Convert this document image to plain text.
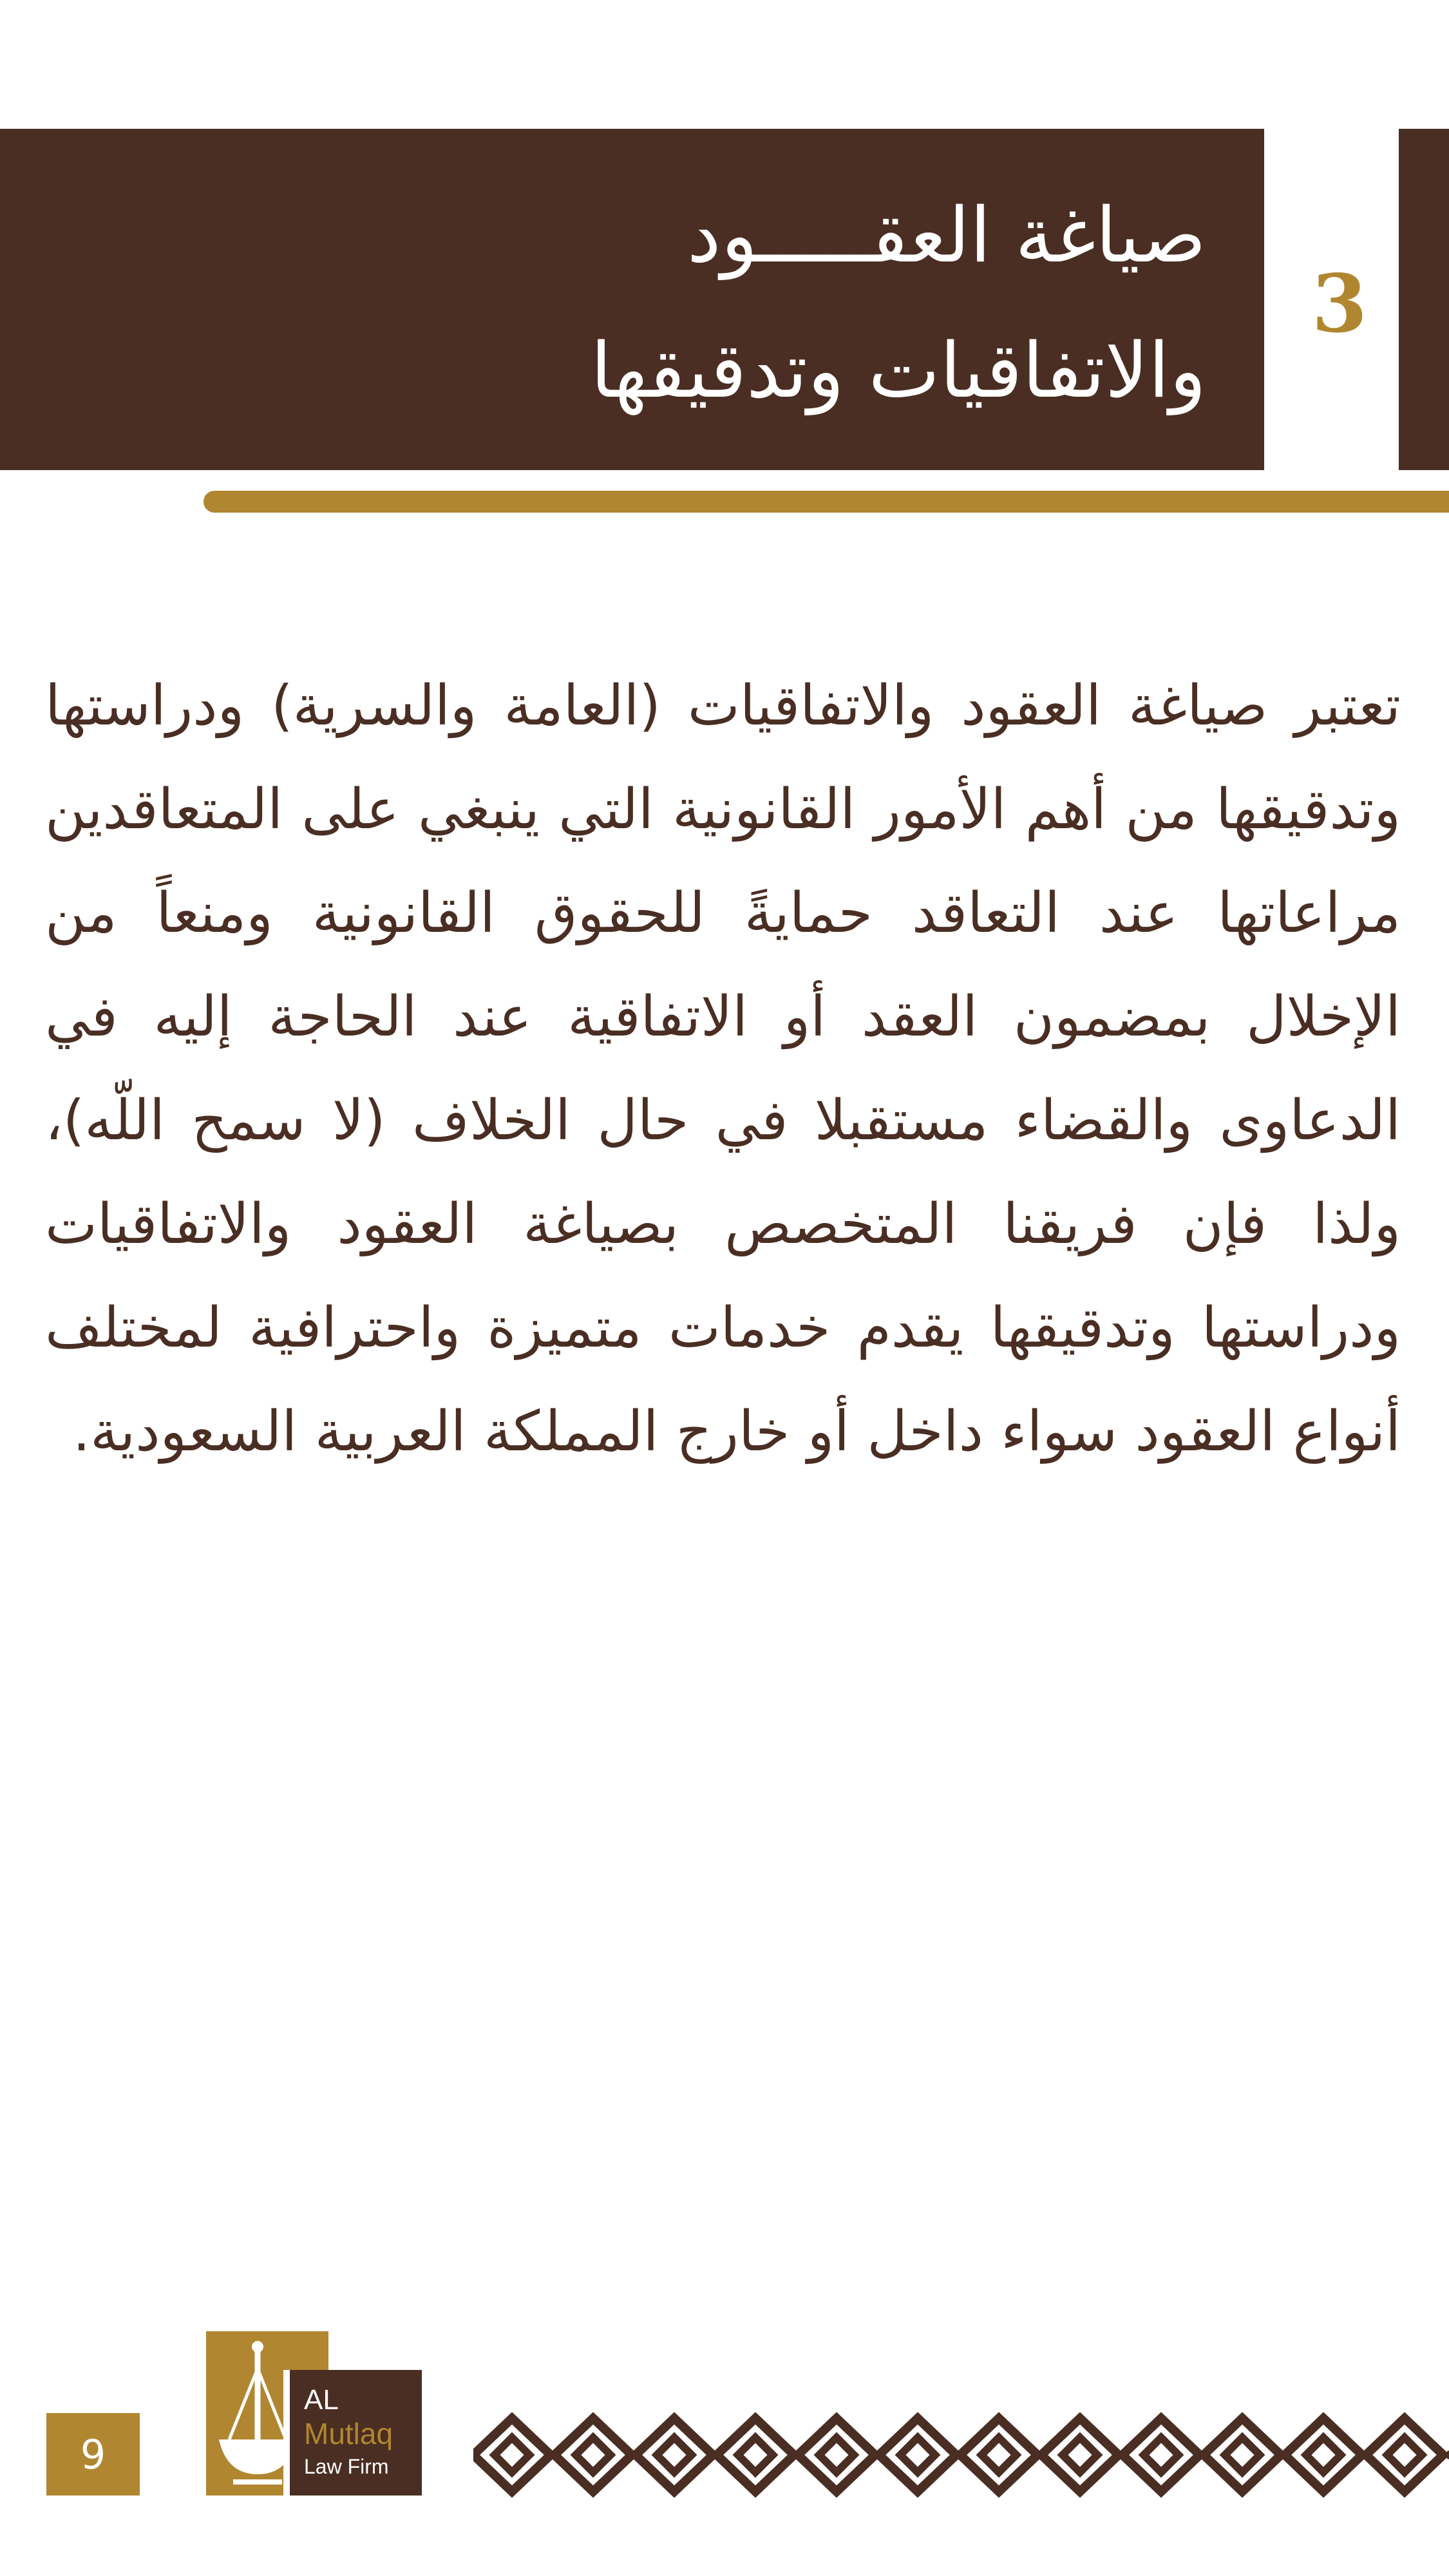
صياغة العقـــــود
والاتفاقيات وتدقيقها
3

تعتبر صياغة العقود والاتفاقيات (العامة والسرية) ودراستها وتدقيقها من أهم الأمور القانونية التي ينبغي على المتعاقدين مراعاتها عند التعاقد حمايةً للحقوق القانونية ومنعاً من الإخلال بمضمون العقد أو الاتفاقية عند الحاجة إليه في الدعاوى والقضاء مستقبلا في حال الخلاف (لا سمح اللّه)، ولذا فإن فريقنا المتخصص بصياغة العقود والاتفاقيات ودراستها وتدقيقها يقدم خدمات متميزة واحترافية لمختلف أنواع العقود سواء داخل أو خارج المملكة العربية السعودية.

9
AL
Mutlaq
Law Firm
